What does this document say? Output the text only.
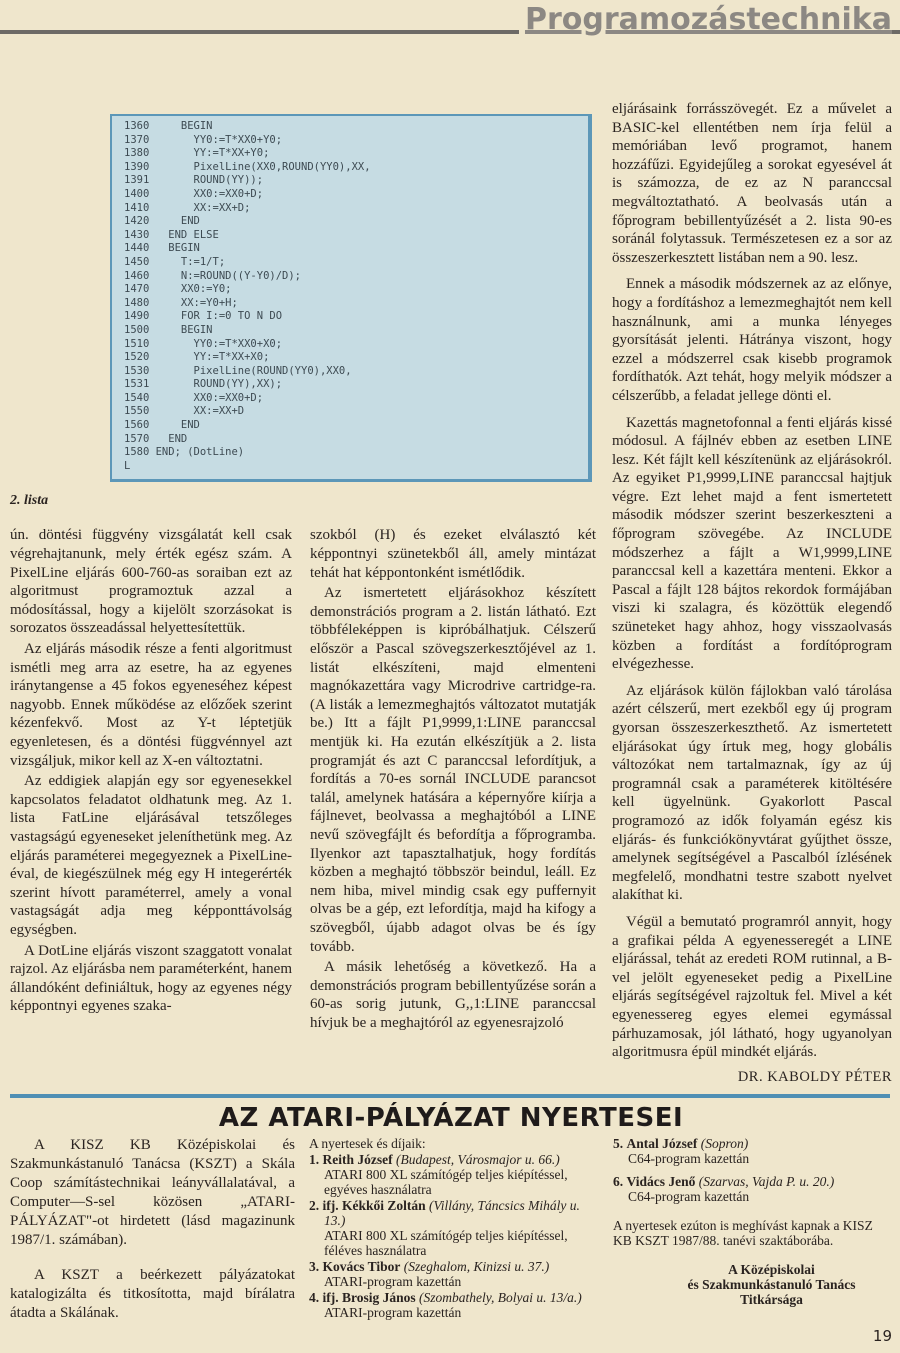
Programozástechnika
1360     BEGIN
1370       YY0:=T*XX0+Y0;
1380       YY:=T*XX+Y0;
1390       PixelLine(XX0,ROUND(YY0),XX,
1391       ROUND(YY));
1400       XX0:=XX0+D;
1410       XX:=XX+D;
1420     END
1430   END ELSE
1440   BEGIN
1450     T:=1/T;
1460     N:=ROUND((Y-Y0)/D);
1470     XX0:=Y0;
1480     XX:=Y0+H;
1490     FOR I:=0 TO N DO
1500     BEGIN
1510       YY0:=T*XX0+X0;
1520       YY:=T*XX+X0;
1530       PixelLine(ROUND(YY0),XX0,
1531       ROUND(YY),XX);
1540       XX0:=XX0+D;
1550       XX:=XX+D
1560     END
1570   END
1580 END; (DotLine)
L
2. lista

ún. döntési függvény vizsgálatát kell csak végrehajtanunk, mely érték egész szám. A PixelLine eljárás 600-760-as soraiban ezt az algoritmust programoztuk azzal a módosítással, hogy a kijelölt szorzásokat is sorozatos összeadással helyettesítettük.

Az eljárás második része a fenti algoritmust ismétli meg arra az esetre, ha az egyenes iránytangense a 45 fokos egyeneséhez képest nagyobb. Ennek működése az előzőek szerint kézenfekvő. Most az Y-t léptetjük egyenletesen, és a döntési függvénnyel azt vizsgáljuk, mikor kell az X-en változtatni.

Az eddigiek alapján egy sor egyenesekkel kapcsolatos feladatot oldhatunk meg. Az 1. lista FatLine eljárásával tetszőleges vastagságú egyeneseket jeleníthetünk meg. Az eljárás paraméterei megegyeznek a PixelLine-éval, de kiegészülnek még egy H integerérték szerint hívott paraméterrel, amely a vonal vastagságát adja meg képponttávolság egységben.

A DotLine eljárás viszont szaggatott vonalat rajzol. Az eljárásba nem paraméterként, hanem állandóként definiáltuk, hogy az egyenes négy képpontnyi egyenes szaka-

szokból (H) és ezeket elválasztó két képpontnyi szünetekből áll, amely mintázat tehát hat képpontonként ismétlődik.

Az ismertetett eljárásokhoz készített demonstrációs program a 2. listán látható. Ezt többféleképpen is kipróbálhatjuk. Célszerű először a Pascal szövegszerkesztőjével az 1. listát elkészíteni, majd elmenteni magnókazettára vagy Microdrive cartridge-ra. (A listák a lemezmeghajtós változatot mutatják be.) Itt a fájlt P1,9999,1:LINE paranccsal mentjük ki. Ha ezután elkészítjük a 2. lista programját és azt C paranccsal lefordítjuk, a fordítás a 70-es sornál INCLUDE parancsot talál, amelynek hatására a képernyőre kiírja a fájlnevet, beolvassa a meghajtóból a LINE nevű szövegfájlt és befordítja a főprogramba. Ilyenkor azt tapasztalhatjuk, hogy fordítás közben a meghajtó többször beindul, leáll. Ez nem hiba, mivel mindig csak egy puffernyit olvas be a gép, ezt lefordítja, majd ha kifogy a szövegből, újabb adagot olvas be és így tovább.

A másik lehetőség a következő. Ha a demonstrációs program bebillentyűzése során a 60-as sorig jutunk, G,,1:LINE paranccsal hívjuk be a meghajtóról az egyenesrajzoló

eljárásaink forrásszövegét. Ez a művelet a BASIC-kel ellentétben nem írja felül a memóriában levő programot, hanem hozzáfűzi. Egyidejűleg a sorokat egyesével át is számozza, de ez az N paranccsal megváltoztatható. A beolvasás után a főprogram bebillentyűzését a 2. lista 90-es soránál folytassuk. Természetesen ez a sor az összeszerkesztett listában nem a 90. lesz.

Ennek a második módszernek az az előnye, hogy a fordításhoz a lemezmeghajtót nem kell használnunk, ami a munka lényeges gyorsítását jelenti. Hátránya viszont, hogy ezzel a módszerrel csak kisebb programok fordíthatók. Azt tehát, hogy melyik módszer a célszerűbb, a feladat jellege dönti el.

Kazettás magnetofonnal a fenti eljárás kissé módosul. A fájlnév ebben az esetben LINE lesz. Két fájlt kell készítenünk az eljárásokról. Az egyiket P1,9999,LINE paranccsal hajtjuk végre. Ezt lehet majd a fent ismertetett második módszer szerint beszerkeszteni a főprogram szövegébe. Az INCLUDE módszerhez a fájlt a W1,9999,LINE paranccsal kell a kazettára menteni. Ekkor a Pascal a fájlt 128 bájtos rekordok formájában viszi ki szalagra, és közöttük elegendő szüneteket hagy ahhoz, hogy visszaolvasás közben a fordítást a fordítóprogram elvégezhesse.

Az eljárások külön fájlokban való tárolása azért célszerű, mert ezekből egy új program gyorsan összeszerkeszthető. Az ismertetett eljárásokat úgy írtuk meg, hogy globális változókat nem tartalmaznak, így az új programnál csak a paraméterek kitöltésére kell ügyelnünk. Gyakorlott Pascal programozó az idők folyamán egész kis eljárás- és funkciókönyvtárat gyűjthet össze, amelynek segítségével a Pascalból ízlésének megfelelő, mondhatni testre szabott nyelvet alakíthat ki.

Végül a bemutató programról annyit, hogy a grafikai példa A egyenesseregét a LINE eljárással, tehát az eredeti ROM rutinnal, a B-vel jelölt egyeneseket pedig a PixelLine eljárás segítségével rajzoltuk fel. Mivel a két egyenessereg egyes elemei egymással párhuzamosak, jól látható, hogy ugyanolyan algoritmusra épül mindkét eljárás.

DR. KABOLDY PÉTER
AZ ATARI-PÁLYÁZAT NYERTESEI

A KISZ KB Középiskolai és Szakmunkástanuló Tanácsa (KSZT) a Skála Coop számítástechnikai leányvállalatával, a Computer—S-sel közösen „ATARI-PÁLYÁZAT"-ot hirdetett (lásd magazinunk 1987/1. számában).

A KSZT a beérkezett pályázatokat katalogizálta és titkosította, majd bírálatra átadta a Skálának.

A nyertesek és díjaik:

1. Reith József (Budapest, Városmajor u. 66.)
ATARI 800 XL számítógép teljes kiépítéssel, egyéves használatra

2. ifj. Kékkői Zoltán (Villány, Táncsics Mihály u. 13.)
ATARI 800 XL számítógép teljes kiépítéssel, féléves használatra

3. Kovács Tibor (Szeghalom, Kinizsi u. 37.)
ATARI-program kazettán

4. ifj. Brosig János (Szombathely, Bolyai u. 13/a.)
ATARI-program kazettán

5. Antal József (Sopron)
C64-program kazettán

6. Vidács Jenő (Szarvas, Vajda P. u. 20.)
C64-program kazettán

A nyertesek ezúton is meghívást kapnak a KISZ KB KSZT 1987/88. tanévi szaktáborába.

A Középiskolai
és Szakmunkástanuló Tanács
Titkársága
19
